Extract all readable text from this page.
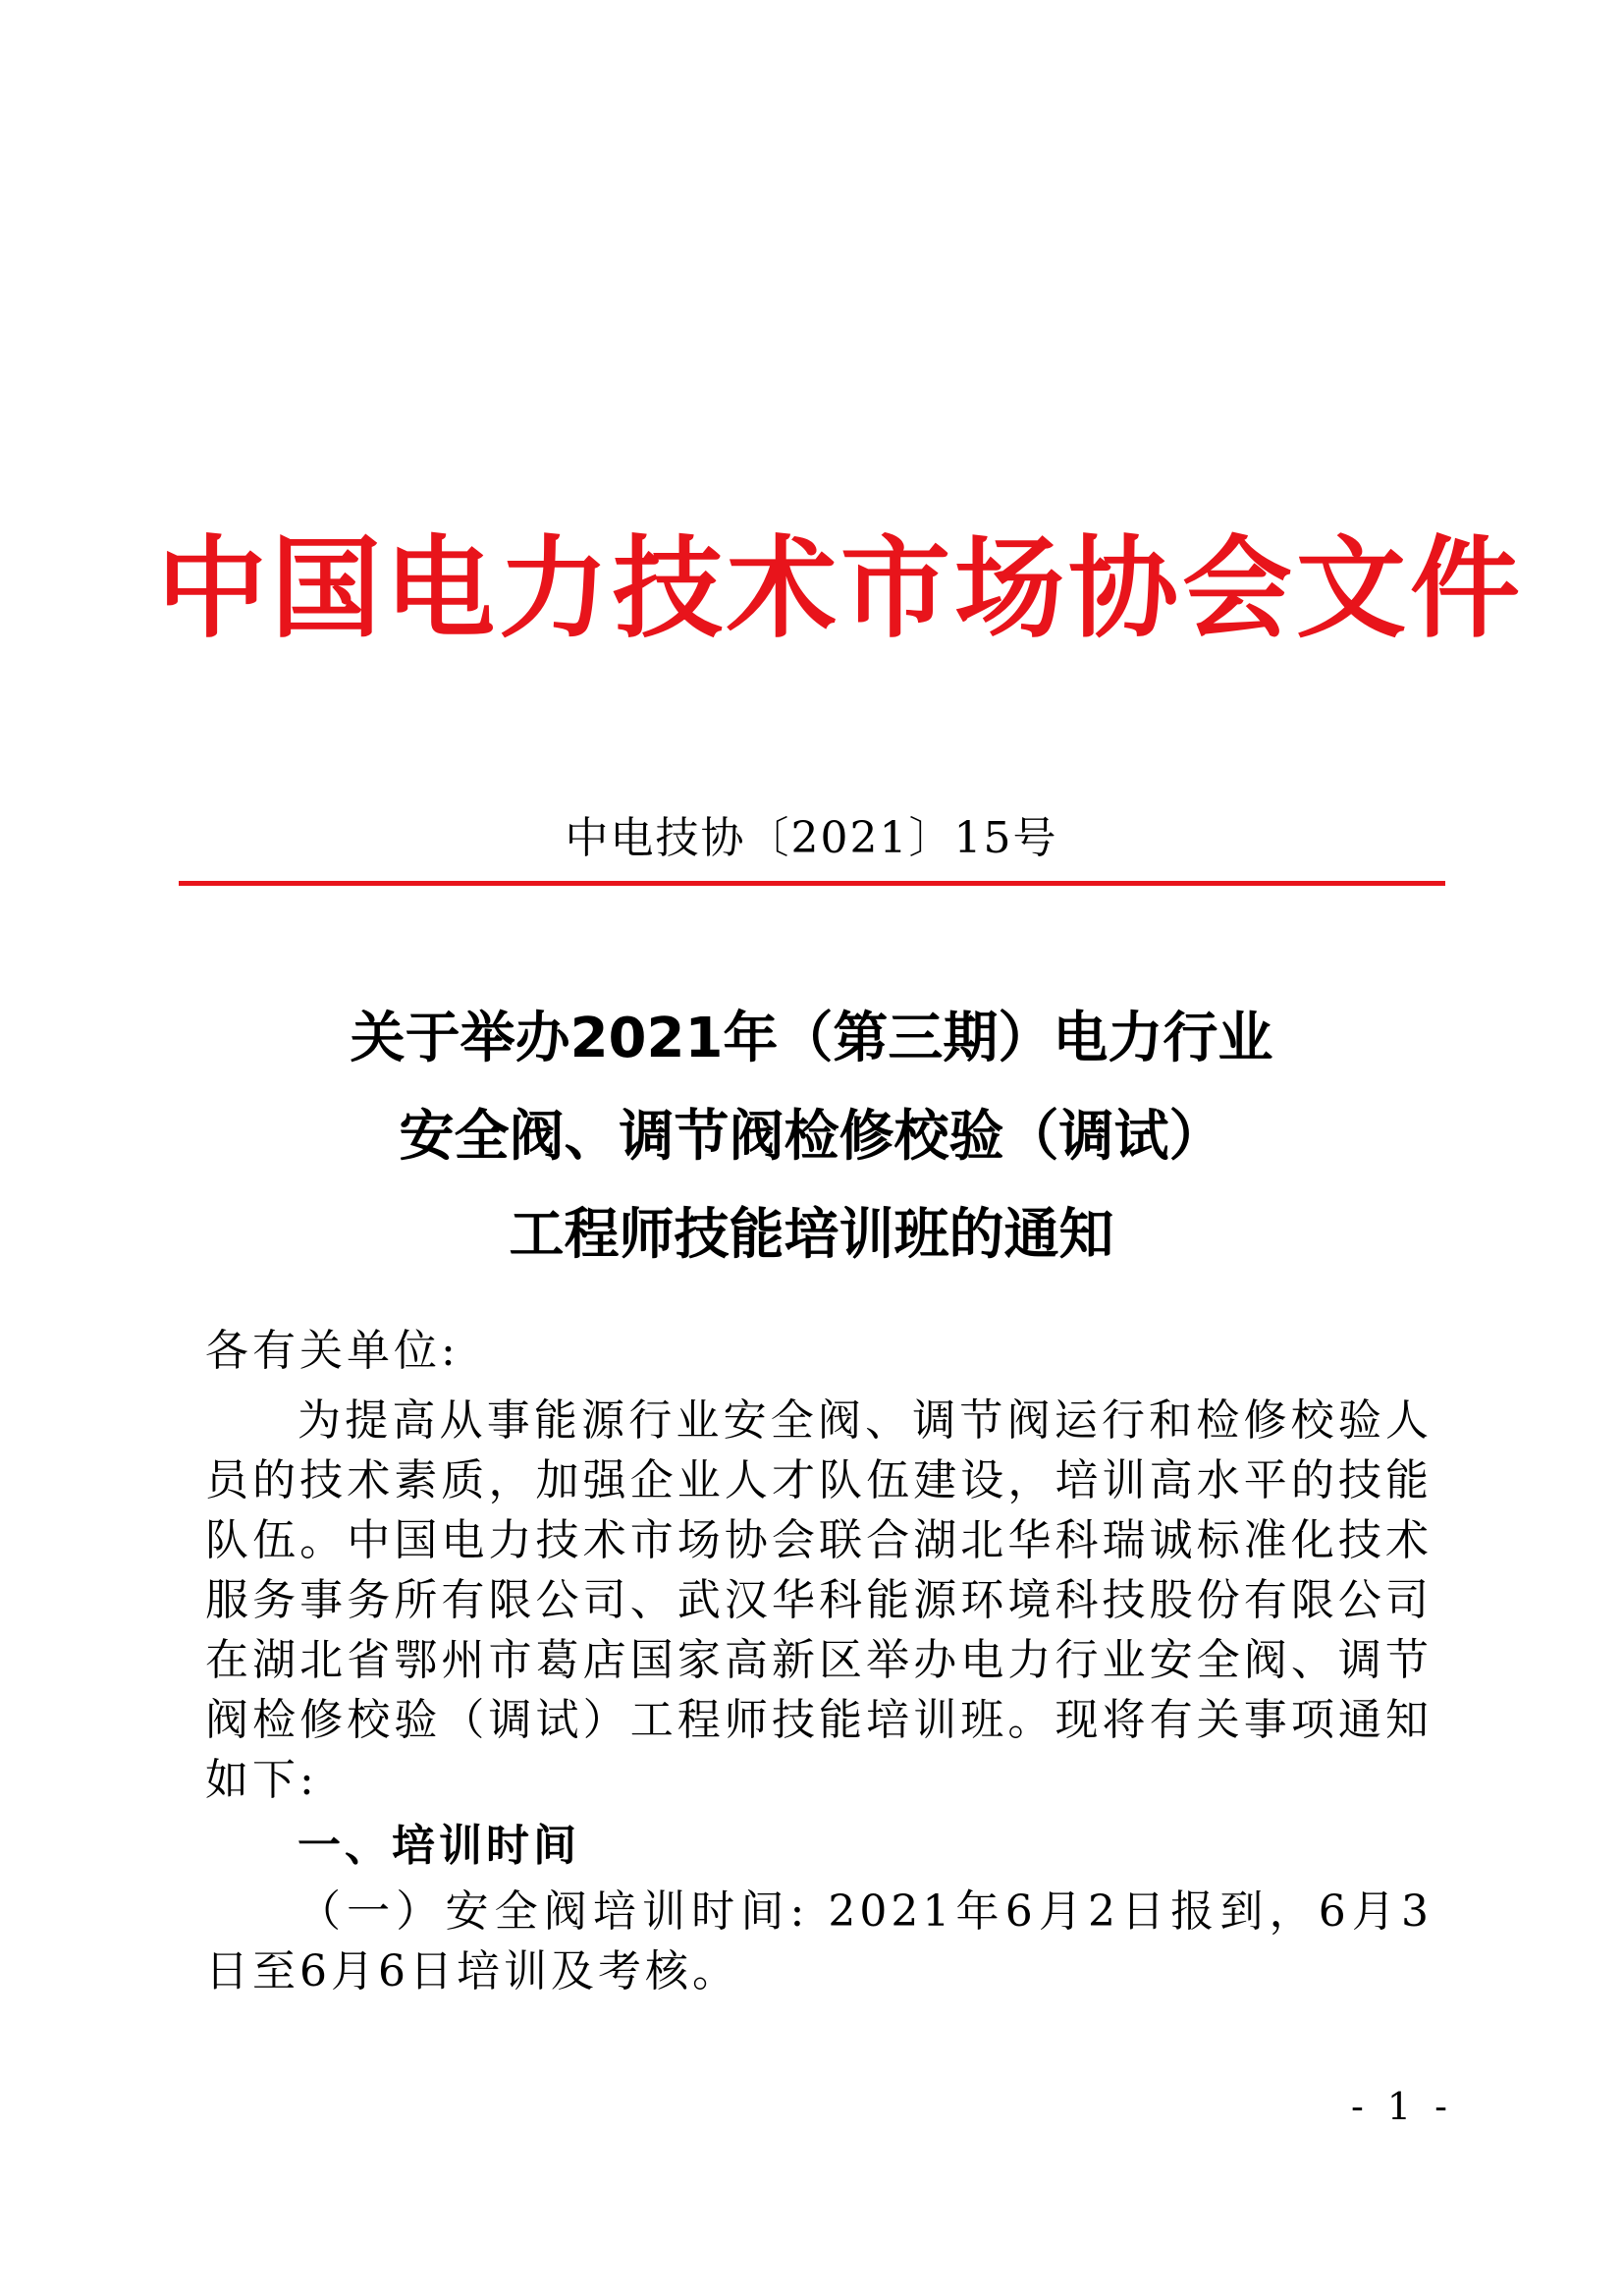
中国电力技术市场协会文件
中电技协〔2021〕15号
关于举办2021年（第三期）电力行业
安全阀、调节阀检修校验（调试）
工程师技能培训班的通知

各有关单位:

为提高从事能源行业安全阀、调节阀运行和检修校验人员的技术素质，加强企业人才队伍建设，培训高水平的技能队伍。中国电力技术市场协会联合湖北华科瑞诚标准化技术服务事务所有限公司、武汉华科能源环境科技股份有限公司在湖北省鄂州市葛店国家高新区举办电力行业安全阀、调节阀检修校验（调试）工程师技能培训班。现将有关事项通知如下:

一、培训时间

（一）安全阀培训时间: 2021年6月2日报到，6月3日至6月6日培训及考核。

- 1 -
